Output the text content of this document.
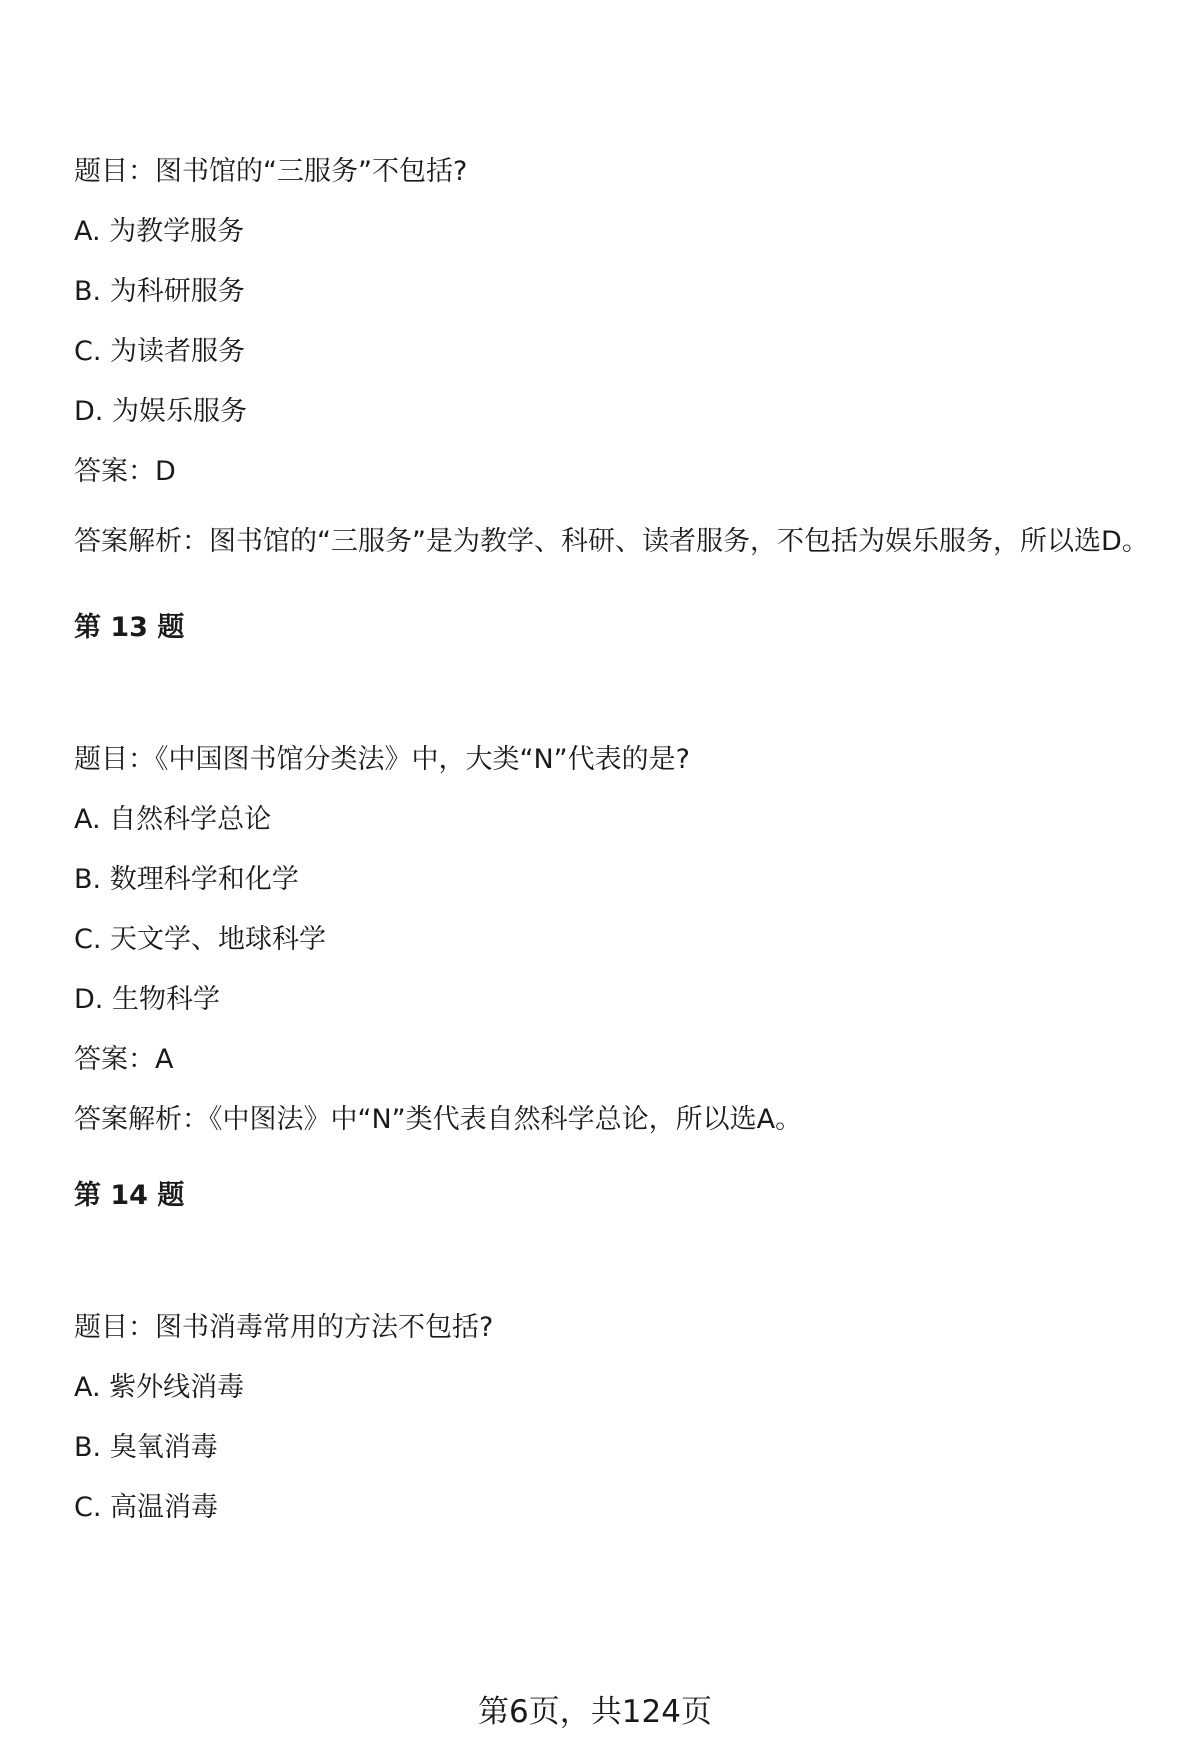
题目：图书馆的“三服务”不包括?

A. 为教学服务

B. 为科研服务

C. 为读者服务

D. 为娱乐服务

答案：D

答案解析：图书馆的“三服务”是为教学、科研、读者服务，不包括为娱乐服务，所以选D。

第 13 题

题目：《中国图书馆分类法》中，大类“N”代表的是?

A. 自然科学总论

B. 数理科学和化学

C. 天文学、地球科学

D. 生物科学

答案：A

答案解析：《中图法》中“N”类代表自然科学总论，所以选A。

第 14 题

题目：图书消毒常用的方法不包括?

A. 紫外线消毒

B. 臭氧消毒

C. 高温消毒

第6页，共124页
